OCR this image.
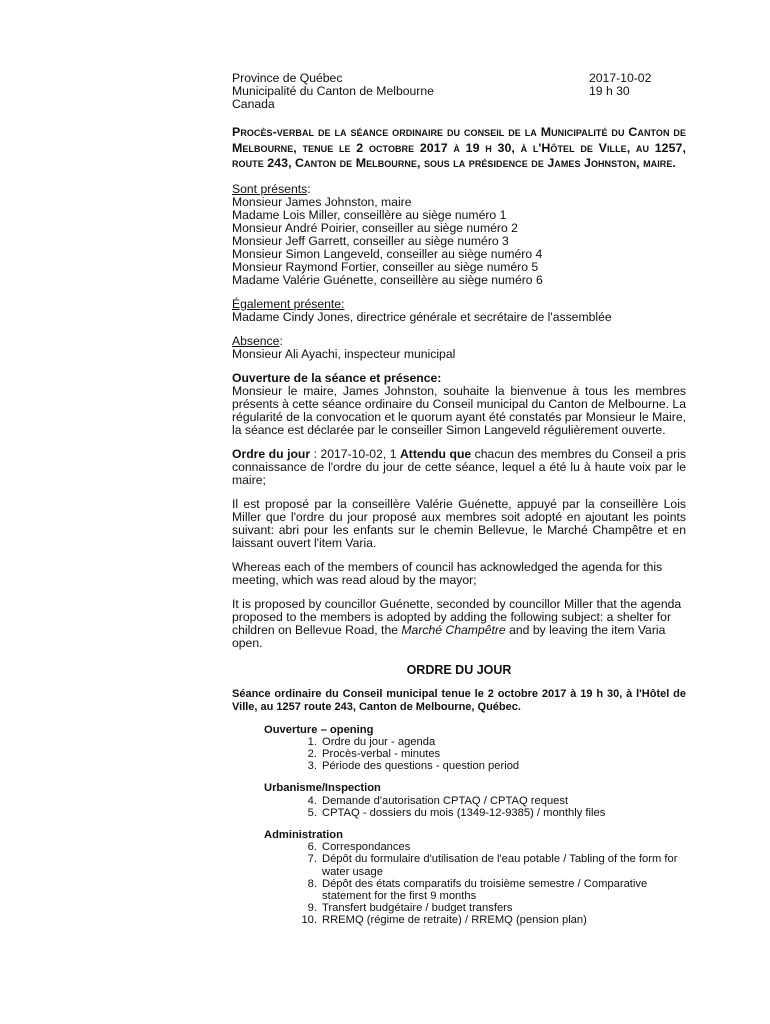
Province de Québec
Municipalité du Canton de Melbourne
Canada
2017-10-02
19 h 30
Procès-verbal de la séance ordinaire du conseil de la Municipalité du Canton de Melbourne, tenue le 2 octobre 2017 à 19 h 30, à l'Hôtel de Ville, au 1257, route 243, Canton de Melbourne, sous la présidence de James Johnston, maire.
Sont présents:
Monsieur James Johnston, maire
Madame Lois Miller, conseillère au siège numéro 1
Monsieur André Poirier, conseiller au siège numéro 2
Monsieur Jeff Garrett, conseiller au siège numéro 3
Monsieur Simon Langeveld, conseiller au siège numéro 4
Monsieur Raymond Fortier, conseiller au siège numéro 5
Madame Valérie Guénette, conseillère au siège numéro 6
Également présente:
Madame Cindy Jones, directrice générale et secrétaire de l'assemblée
Absence:
Monsieur Ali Ayachi, inspecteur municipal
Ouverture de la séance et présence:
Monsieur le maire, James Johnston, souhaite la bienvenue à tous les membres présents à cette séance ordinaire du Conseil municipal du Canton de Melbourne. La régularité de la convocation et le quorum ayant été constatés par Monsieur le Maire, la séance est déclarée par le conseiller Simon Langeveld régulièrement ouverte.
Ordre du jour : 2017-10-02, 1 Attendu que chacun des membres du Conseil a pris connaissance de l'ordre du jour de cette séance, lequel a été lu à haute voix par le maire;
Il est proposé par la conseillère Valérie Guénette, appuyé par la conseillère Lois Miller que l'ordre du jour proposé aux membres soit adopté en ajoutant les points suivant: abri pour les enfants sur le chemin Bellevue, le Marché Champêtre et en laissant ouvert l'item Varia.
Whereas each of the members of council has acknowledged the agenda for this meeting, which was read aloud by the mayor;
It is proposed by councillor Guénette, seconded by councillor Miller that the agenda proposed to the members is adopted by adding the following subject: a shelter for children on Bellevue Road, the Marché Champêtre and by leaving the item Varia open.
ORDRE DU JOUR
Séance ordinaire du Conseil municipal tenue le 2 octobre 2017 à 19 h 30, à l'Hôtel de Ville, au 1257 route 243, Canton de Melbourne, Québec.
Ouverture – opening
1. Ordre du jour - agenda
2. Procès-verbal - minutes
3. Période des questions - question period
Urbanisme/Inspection
4. Demande d'autorisation CPTAQ / CPTAQ request
5. CPTAQ - dossiers du mois (1349-12-9385) / monthly files
Administration
6. Correspondances
7. Dépôt du formulaire d'utilisation de l'eau potable / Tabling of the form for water usage
8. Dépôt des états comparatifs du troisième semestre / Comparative statement for the first 9 months
9. Transfert budgétaire / budget transfers
10. RREMQ (régime de retraite) / RREMQ (pension plan)
